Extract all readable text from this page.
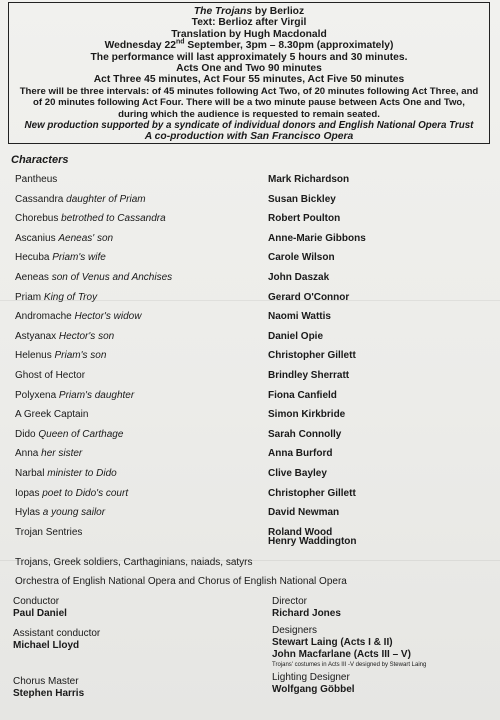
The Trojans by Berlioz
Text: Berlioz after Virgil
Translation by Hugh Macdonald
Wednesday 22nd September, 3pm – 8.30pm (approximately)
The performance will last approximately 5 hours and 30 minutes.
Acts One and Two 90 minutes
Act Three 45 minutes, Act Four 55 minutes, Act Five 50 minutes
There will be three intervals: of 45 minutes following Act Two, of 20 minutes following Act Three, and
of 20 minutes following Act Four. There will be a two minute pause between Acts One and Two,
during which the audience is requested to remain seated.
New production supported by a syndicate of individual donors and English National Opera Trust
A co-production with San Francisco Opera
Characters
Pantheus	Mark Richardson
Cassandra daughter of Priam	Susan Bickley
Chorebus betrothed to Cassandra	Robert Poulton
Ascanius Aeneas' son	Anne-Marie Gibbons
Hecuba Priam's wife	Carole Wilson
Aeneas son of Venus and Anchises	John Daszak
Priam King of Troy	Gerard O'Connor
Andromache Hector's widow	Naomi Wattis
Astyanax Hector's son	Daniel Opie
Helenus Priam's son	Christopher Gillett
Ghost of Hector	Brindley Sherratt
Polyxena Priam's daughter	Fiona Canfield
A Greek Captain	Simon Kirkbride
Dido Queen of Carthage	Sarah Connolly
Anna her sister	Anna Burford
Narbal minister to Dido	Clive Bayley
Iopas poet to Dido's court	Christopher Gillett
Hylas a young sailor	David Newman
Trojan Sentries	Roland Wood
Henry Waddington
Trojans, Greek soldiers, Carthaginians, naiads, satyrs
Orchestra of English National Opera and Chorus of English National Opera
Conductor
Paul Daniel
Director
Richard Jones
Assistant conductor
Michael Lloyd
Designers
Stewart Laing (Acts I & II)
John Macfarlane (Acts III – V)
Trojans' costumes in Acts III -V designed by Stewart Laing
Chorus Master
Stephen Harris
Lighting Designer
Wolfgang Göbbel
